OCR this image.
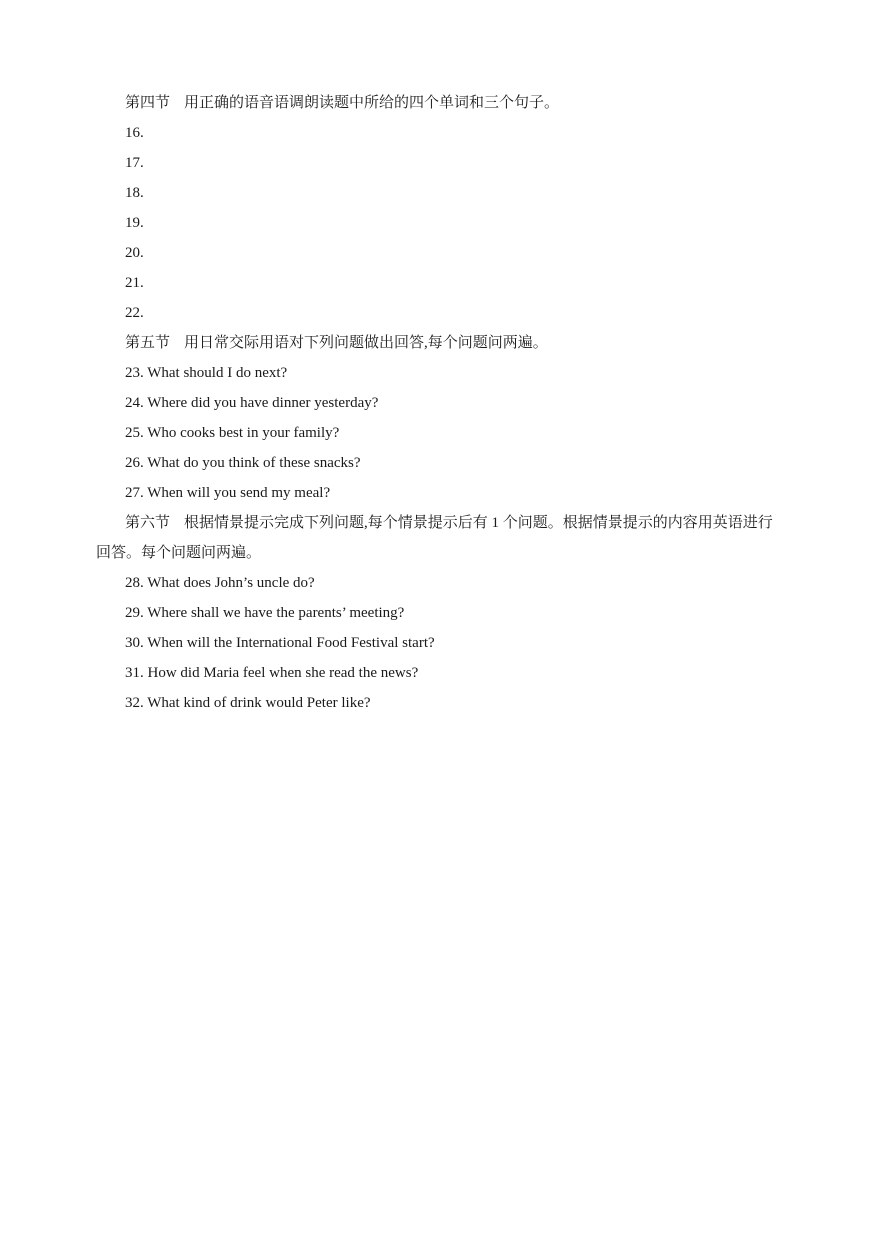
第四节 用正确的语音语调朗读题中所给的四个单词和三个句子。
16.
17.
18.
19.
20.
21.
22.
第五节 用日常交际用语对下列问题做出回答,每个问题问两遍。
23. What should I do next?
24. Where did you have dinner yesterday?
25. Who cooks best in your family?
26. What do you think of these snacks?
27. When will you send my meal?
第六节 根据情景提示完成下列问题,每个情景提示后有 1 个问题。根据情景提示的内容用英语进行
回答。每个问题问两遍。
28. What does John’s uncle do?
29. Where shall we have the parents’ meeting?
30. When will the International Food Festival start?
31. How did Maria feel when she read the news?
32. What kind of drink would Peter like?
